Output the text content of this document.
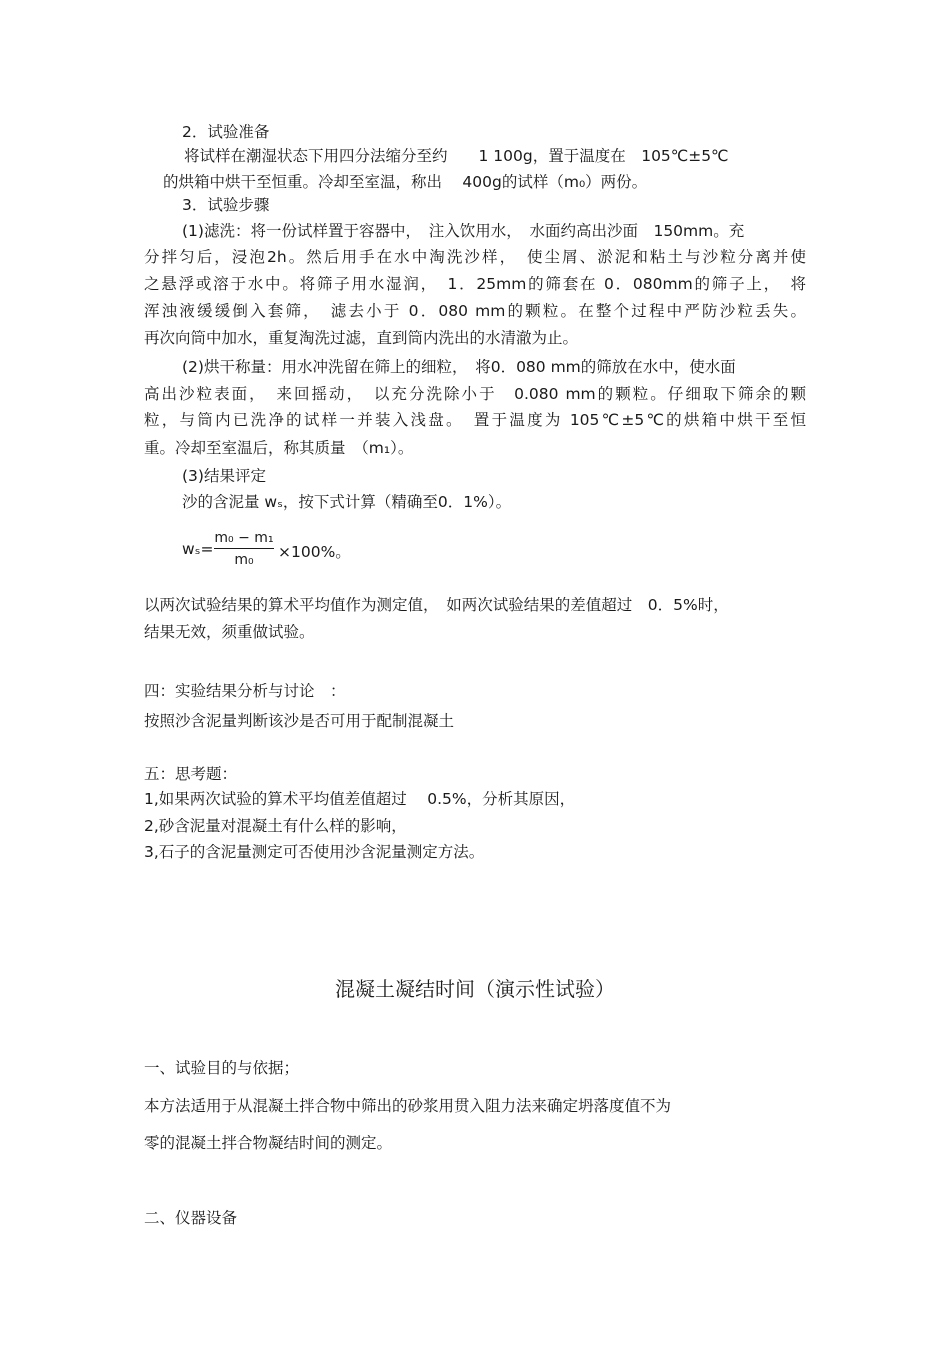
2．试验准备
将试样在潮湿状态下用四分法缩分至约　　1 100g，置于温度在　105℃±5℃
的烘箱中烘干至恒重。冷却至室温，称出　 400g的试样（m₀）两份。
3．试验步骤
(1)滤洗：将一份试样置于容器中，　注入饮用水，　水面约高出沙面　150mm。充
分拌匀后，浸泡2h。然后用手在水中淘洗沙样，　使尘屑、淤泥和粘土与沙粒分离并使
之悬浮或溶于水中。将筛子用水湿润，　1．25mm的筛套在 0．080mm的筛子上，　将
浑浊液缓缓倒入套筛，　滤去小于 0．080 mm的颗粒。在整个过程中严防沙粒丢失。
再次向筒中加水，重复淘洗过滤，直到筒内洗出的水清澈为止。
(2)烘干称量：用水冲洗留在筛上的细粒，　将0．080 mm的筛放在水中，使水面
高出沙粒表面，　来回摇动，　以充分洗除小于　0.080 mm的颗粒。仔细取下筛余的颗
粒，与筒内已洗净的试样一并装入浅盘。　置于温度为 105℃±5℃的烘箱中烘干至恒
重。冷却至室温后，称其质量　（m₁）。
(3)结果评定
沙的含泥量 wₛ，按下式计算（精确至0．1%）。
$w_s= \frac{\text{m₀ − m₁}}{\text{m₀}} \times 100\%$。
以两次试验结果的算术平均值作为测定值，　如两次试验结果的差值超过　0．5%时，
结果无效，须重做试验。
四：实验结果分析与讨论　：
按照沙含泥量判断该沙是否可用于配制混凝土
五：思考题：
1,如果两次试验的算术平均值差值超过　 0.5%，分析其原因，
2,砂含泥量对混凝土有什么样的影响，
3,石子的含泥量测定可否使用沙含泥量测定方法。
混凝土凝结时间（演示性试验）
一、试验目的与依据；
本方法适用于从混凝土拌合物中筛出的砂浆用贯入阻力法来确定坍落度值不为
零的混凝土拌合物凝结时间的测定。
二、仪器设备
